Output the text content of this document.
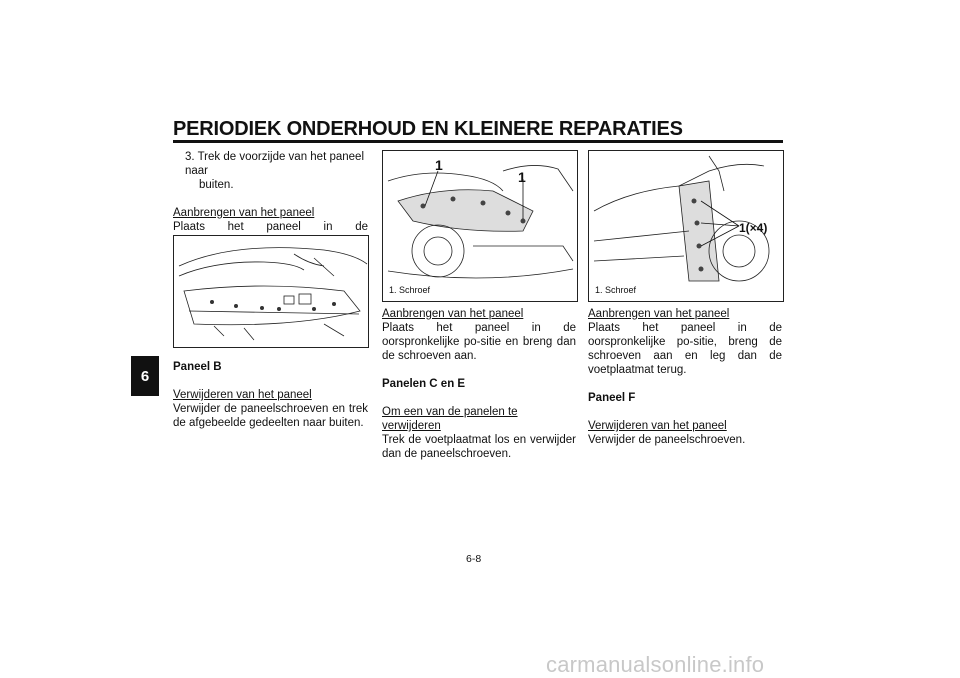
PERIODIEK ONDERHOUD EN KLEINERE REPARATIES
6

3. Trek de voorzijde van het paneel naar

buiten.

Aanbrengen van het paneel

Plaats het paneel in de

Paneel B
Verwijderen van het paneel

Verwijder de paneelschroeven en trek de afgebeelde gedeelten naar buiten.

1
1
1. Schroef
Aanbrengen van het paneel

Plaats het paneel in de oorspronkelijke po-sitie en breng dan de schroeven aan.

Panelen C en E
Om een van de panelen te verwijderen

Trek de voetplaatmat los en verwijder dan de paneelschroeven.

1(×4)
1. Schroef
Aanbrengen van het paneel

Plaats het paneel in de oorspronkelijke po-sitie, breng de schroeven aan en leg dan de voetplaatmat terug.

Paneel F
Verwijderen van het paneel

Verwijder de paneelschroeven.

6-8
carmanualsonline.info
